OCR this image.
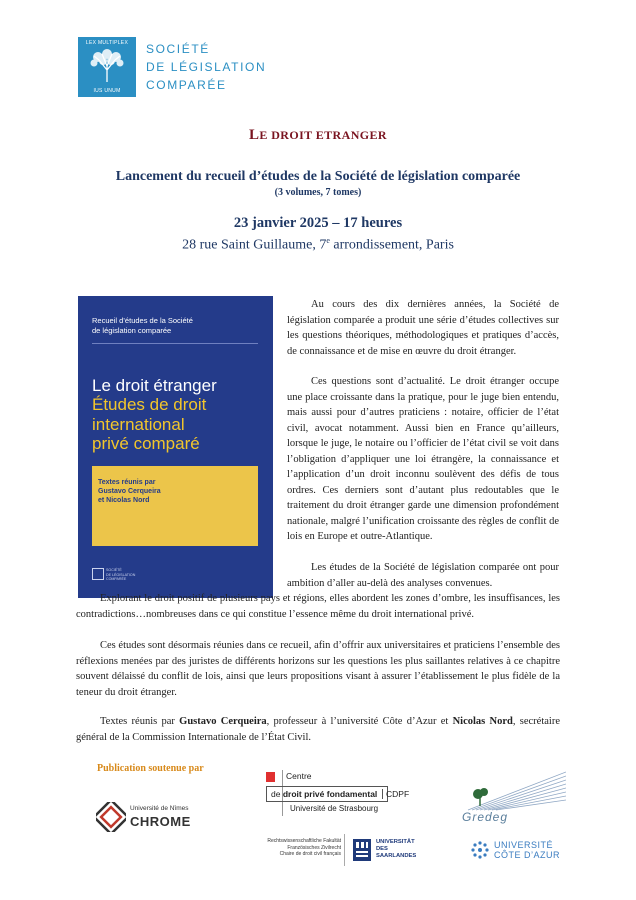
LEX MULTIPLEX
IUS UNUM
SOCIÉTÉ
DE LÉGISLATION
COMPARÉE
LE DROIT ETRANGER
Lancement du recueil d’études de la Société de législation comparée
(3 volumes, 7 tomes)
23 janvier 2025 – 17 heures
28 rue Saint Guillaume, 7e arrondissement, Paris
Recueil d’études de la Société
de législation comparée
Le droit étranger
Études de droit
international
privé comparé
Textes réunis par
Gustavo Cerqueira
et Nicolas Nord
SOCIÉTÉ
DE LÉGISLATION
COMPARÉE
Au cours des dix dernières années, la Société de législation comparée a produit une série d’études collectives sur les questions théoriques, méthodologiques et pratiques d’accès, de connaissance et de mise en œuvre du droit étranger.
Ces questions sont d’actualité. Le droit étranger occupe une place croissante dans la pratique, pour le juge bien entendu, mais aussi pour d’autres praticiens : notaire, officier de l’état civil, avocat notamment. Aussi bien en France qu’ailleurs, lorsque le juge, le notaire ou l’officier de l’état civil se voit dans l’obligation d’appliquer une loi étrangère, la connaissance et l’application d’un droit inconnu soulèvent des défis de tous ordres. Ces derniers sont d’autant plus redoutables que le traitement du droit étranger garde une dimension profondément nationale, malgré l’unification croissante des règles de conflit de lois en Europe et outre-Atlantique.
Les études de la Société de législation comparée ont pour ambition d’aller au-delà des analyses convenues.
Explorant le droit positif de plusieurs pays et régions, elles abordent les zones d’ombre, les insuffisances, les contradictions…nombreuses dans ce qui constitue l’essence même du droit international privé.
Ces études sont désormais réunies dans ce recueil, afin d’offrir aux universitaires et praticiens l’ensemble des réflexions menées par des juristes de différents horizons sur les questions les plus saillantes relatives à ce chapitre souvent délaissé du conflit de lois, ainsi que leurs propositions visant à assurer l’établissement le plus fidèle de la teneur du droit étranger.
Textes réunis par Gustavo Cerqueira, professeur à l’université Côte d’Azur et Nicolas Nord, secrétaire général de la Commission Internationale de l’État Civil.
Publication soutenue par
Université de Nîmes
CHROME
Centre
de droit privé fondamental CDPF
Université de Strasbourg
Gredeg
Rechtswissenschaftliche Fakultät
Französisches Zivilrecht
Chaire de droit civil français
UNIVERSITÄT
DES
SAARLANDES
UNIVERSITÉ
CÔTE D’AZUR
